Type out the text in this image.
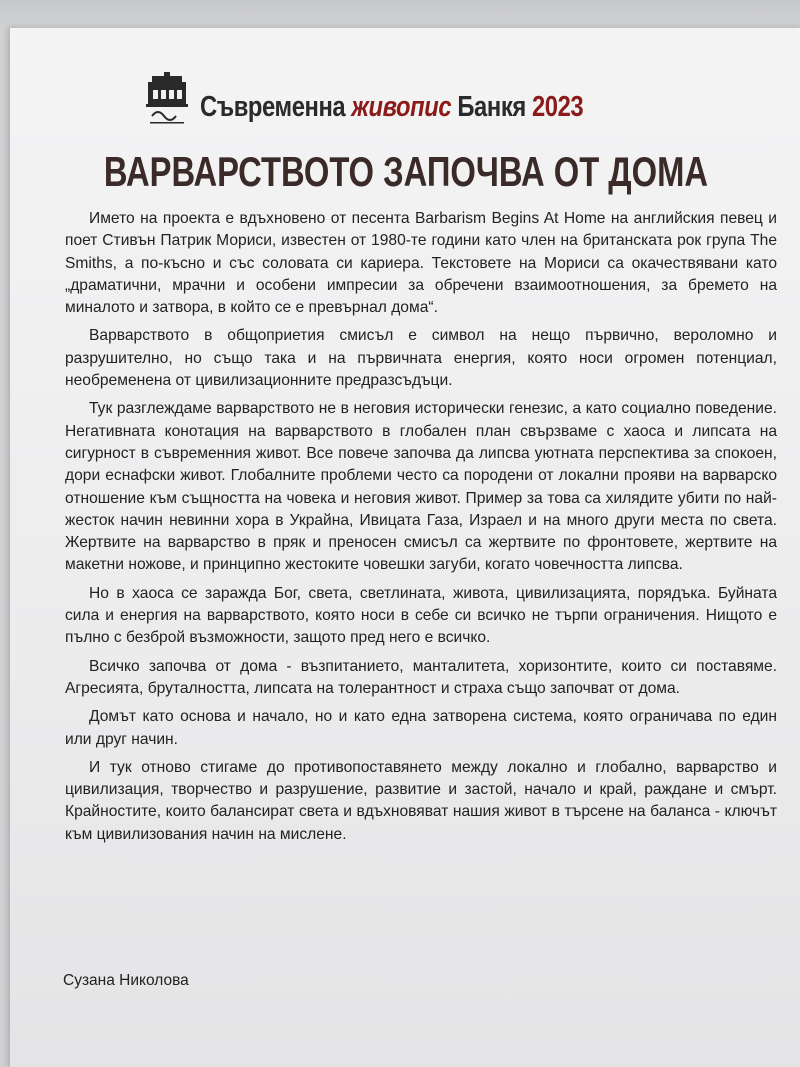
Съвременна живопис Банкя 2023
ВАРВАРСТВОТО ЗАПОЧВА ОТ ДОМА

Името на проекта е вдъхновено от песента Barbarism Begins At Home на английския певец и поет Стивън Патрик Мориси, известен от 1980-те години като член на британската рок група The Smiths, а по-късно и със соловата си кариера. Текстовете на Мориси са окачествявани като „драматични, мрачни и особени импресии за обречени взаимоотношения, за бремето на миналото и затвора, в който се е превърнал дома“.

Варварството в общоприетия смисъл е символ на нещо първично, вероломно и разрушително, но също така и на първичната енергия, която носи огромен потенциал, необременена от цивилизационните предразсъдъци.

Тук разглеждаме варварството не в неговия исторически генезис, а като социално поведение. Негативната конотация на варварството в глобален план свързваме с хаоса и липсата на сигурност в съвременния живот. Все повече започва да липсва уютната перспектива за спокоен, дори еснафски живот. Глобалните проблеми често са породени от локални прояви на варварско отношение към същността на човека и неговия живот. Пример за това са хилядите убити по най-жесток начин невинни хора в Украйна, Ивицата Газа, Израел и на много други места по света. Жертвите на варварство в пряк и преносен смисъл са жертвите по фронтовете, жертвите на макетни ножове, и принципно жестоките човешки загуби, когато човечността липсва.

Но в хаоса се заражда Бог, света, светлината, живота, цивилизацията, порядъка. Буйната сила и енергия на варварството, която носи в себе си всичко не търпи ограничения. Нищото е пълно с безброй възможности, защото пред него е всичко.

Всичко започва от дома - възпитанието, манталитета, хоризонтите, които си поставяме. Агресията, бруталността, липсата на толерантност и страха също започват от дома.

Домът като основа и начало, но и като една затворена система, която ограничава по един или друг начин.

И тук отново стигаме до противопоставянето между локално и глобално, варварство и цивилизация, творчество и разрушение, развитие и застой, начало и край, раждане и смърт. Крайностите, които балансират света и вдъхновяват нашия живот в търсене на баланса - ключът към цивилизования начин на мислене.

Сузана Николова
